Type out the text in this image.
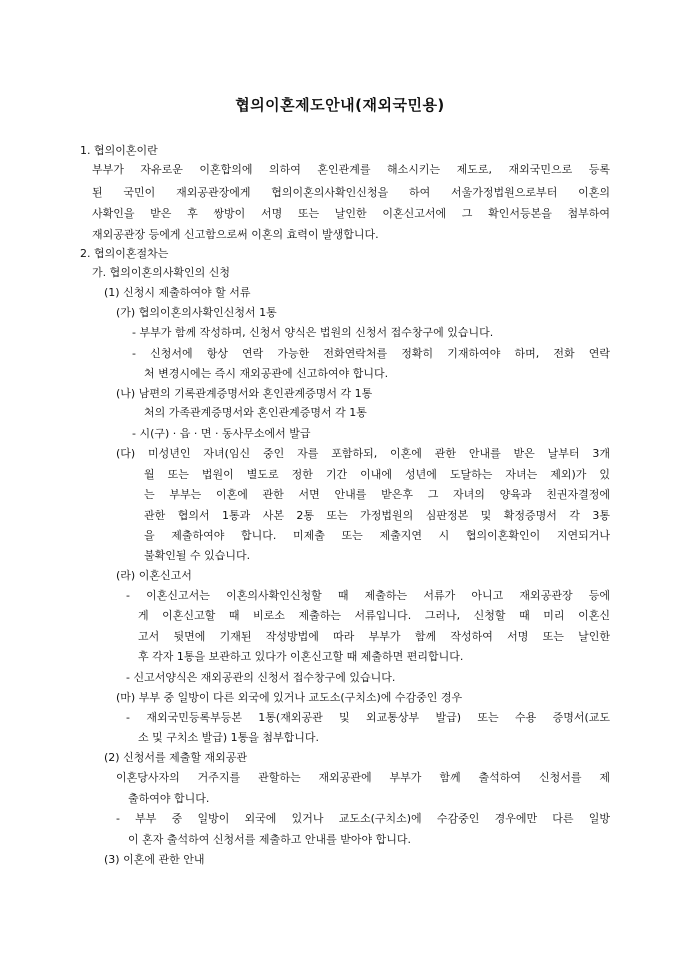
협의이혼제도안내(재외국민용)
1. 협의이혼이란
부부가 자유로운 이혼합의에 의하여 혼인관계를 해소시키는 제도로, 재외국민으로 등록
된 국민이 재외공관장에게 협의이혼의사확인신청을 하여 서울가정법원으로부터 이혼의
사확인을 받은 후 쌍방이 서명 또는 날인한 이혼신고서에 그 확인서등본을 첨부하여
재외공관장 등에게 신고함으로써 이혼의 효력이 발생합니다.
2. 협의이혼절차는
가. 협의이혼의사확인의 신청
(1) 신청시 제출하여야 할 서류
(가) 협의이혼의사확인신청서 1통
- 부부가 함께 작성하며, 신청서 양식은 법원의 신청서 접수창구에 있습니다.
- 신청서에 항상 연락 가능한 전화연락처를 정확히 기재하여야 하며, 전화 연락
처 변경시에는 즉시 재외공관에 신고하여야 합니다.
(나) 남편의 기록관계증명서와 혼인관계증명서 각 1통
처의 가족관계증명서와 혼인관계증명서 각 1통
- 시(구) · 읍 · 면 · 동사무소에서 발급
(다) 미성년인 자녀(임신 중인 자를 포함하되, 이혼에 관한 안내를 받은 날부터 3개
월 또는 법원이 별도로 정한 기간 이내에 성년에 도달하는 자녀는 제외)가 있
는 부부는 이혼에 관한 서면 안내를 받은후 그 자녀의 양육과 친권자결정에
관한 협의서 1통과 사본 2통 또는 가정법원의 심판정본 및 확정증명서 각 3통
을 제출하여야 합니다. 미제출 또는 제출지연 시 협의이혼확인이 지연되거나
불확인될 수 있습니다.
(라) 이혼신고서
- 이혼신고서는 이혼의사확인신청할 때 제출하는 서류가 아니고 재외공관장 등에
게 이혼신고할 때 비로소 제출하는 서류입니다. 그러나, 신청할 때 미리 이혼신
고서 뒷면에 기재된 작성방법에 따라 부부가 함께 작성하여 서명 또는 날인한
후 각자 1통을 보관하고 있다가 이혼신고할 때 제출하면 편리합니다.
- 신고서양식은 재외공관의 신청서 접수창구에 있습니다.
(마) 부부 중 일방이 다른 외국에 있거나 교도소(구치소)에 수감중인 경우
- 재외국민등록부등본 1통(재외공관 및 외교통상부 발급) 또는 수용 증명서(교도
소 및 구치소 발급) 1통을 첨부합니다.
(2) 신청서를 제출할 재외공관
이혼당사자의 거주지를 관할하는 재외공관에 부부가 함께 출석하여 신청서를 제
출하여야 합니다.
- 부부 중 일방이 외국에 있거나 교도소(구치소)에 수감중인 경우에만 다른 일방
이 혼자 출석하여 신청서를 제출하고 안내를 받아야 합니다.
(3) 이혼에 관한 안내
